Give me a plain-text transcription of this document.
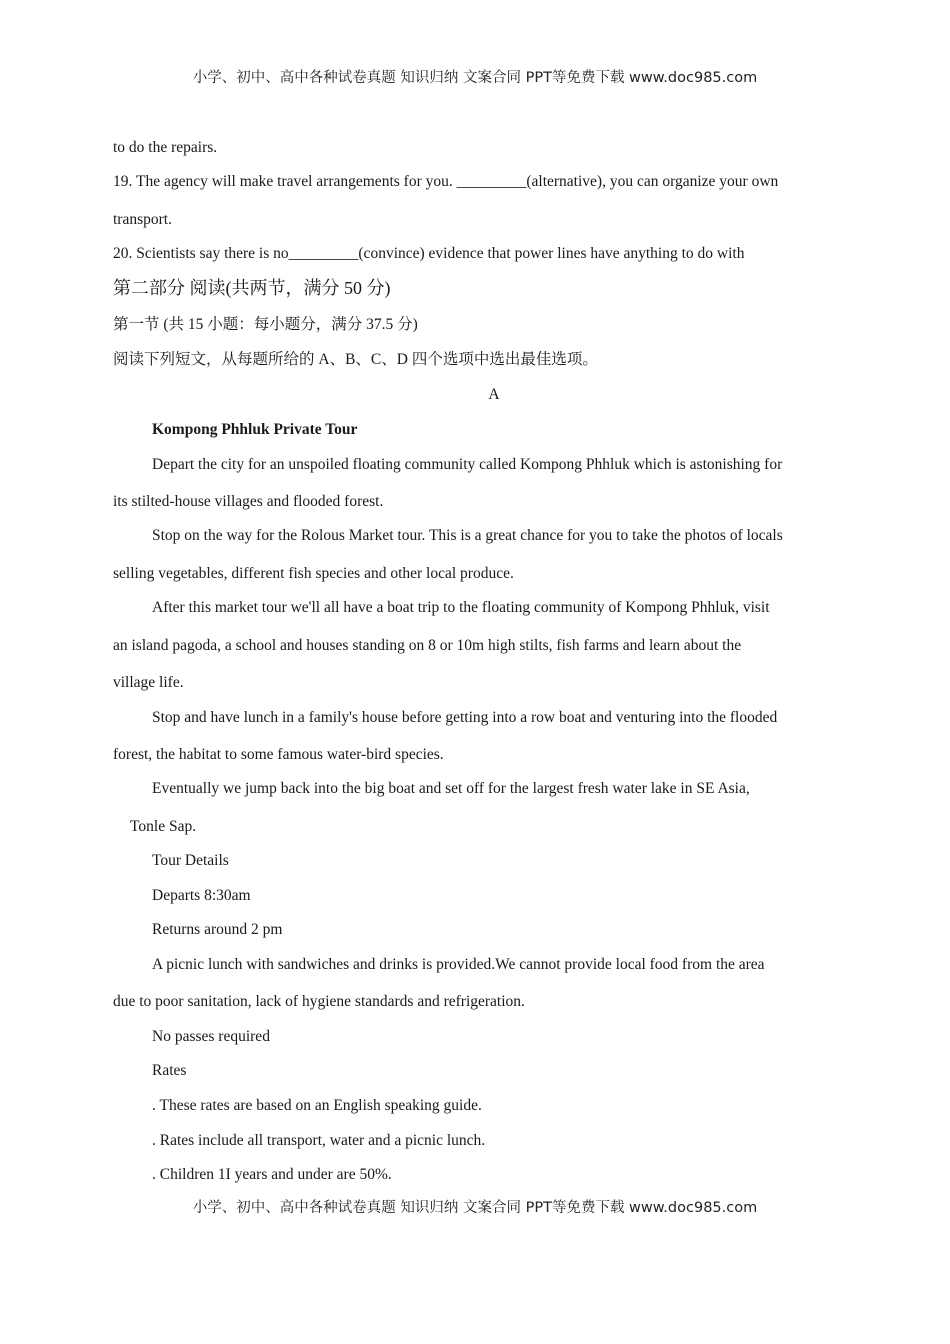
小学、初中、高中各种试卷真题 知识归纳 文案合同 PPT等免费下载 www.doc985.com
to do the repairs.
19. The agency will make travel arrangements for you. _________(alternative), you can organize your own
transport.
20. Scientists say there is no_________(convince) evidence that power lines have anything to do with
第二部分 阅读(共两节，满分 50 分)
第一节 (共 15 小题：每小题分，满分 37.5 分)
阅读下列短文，从每题所给的 A、B、C、D 四个选项中选出最佳选项。
A
Kompong Phhluk Private Tour
Depart the city for an unspoiled floating community called Kompong Phhluk which is astonishing for
its stilted-house villages and flooded forest.
Stop on the way for the Rolous Market tour. This is a great chance for you to take the photos of locals
selling vegetables, different fish species and other local produce.
After this market tour we'll all have a boat trip to the floating community of Kompong Phhluk, visit
an island pagoda, a school and houses standing on 8 or 10m high stilts, fish farms and learn about the
village life.
Stop and have lunch in a family's house before getting into a row boat and venturing into the flooded
forest, the habitat to some famous water-bird species.
Eventually we jump back into the big boat and set off for the largest fresh water lake in SE Asia,
Tonle Sap.
Tour Details
Departs 8:30am
Returns around 2 pm
A picnic lunch with sandwiches and drinks is provided.We cannot provide local food from the area
due to poor sanitation, lack of hygiene standards and refrigeration.
No passes required
Rates
. These rates are based on an English speaking guide.
. Rates include all transport, water and a picnic lunch.
. Children 1I years and under are 50%.
小学、初中、高中各种试卷真题 知识归纳 文案合同 PPT等免费下载 www.doc985.com
